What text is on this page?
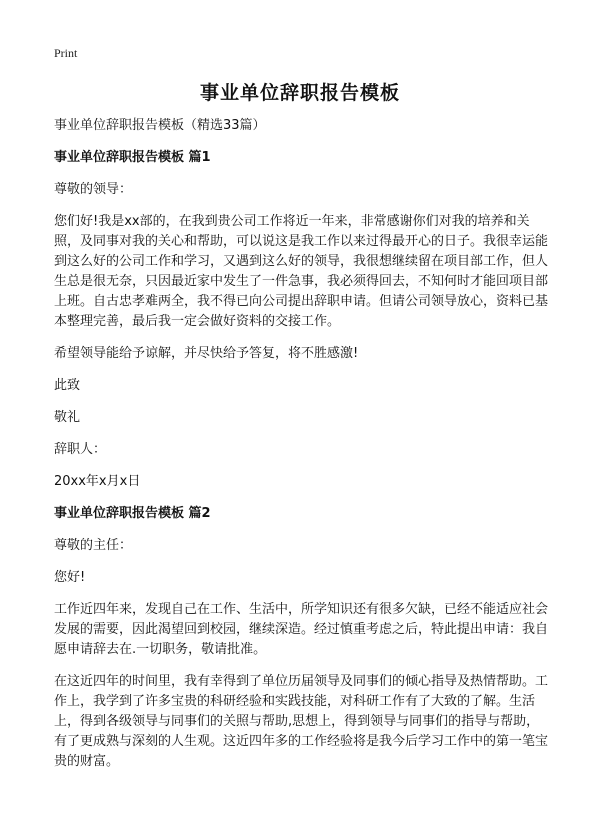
Print
事业单位辞职报告模板

事业单位辞职报告模板（精选33篇）

事业单位辞职报告模板 篇1

尊敬的领导：

您们好!我是xx部的，在我到贵公司工作将近一年来，非常感谢你们对我的培养和关照，及同事对我的关心和帮助，可以说这是我工作以来过得最开心的日子。我很幸运能到这么好的公司工作和学习，又遇到这么好的领导，我很想继续留在项目部工作，但人生总是很无奈，只因最近家中发生了一件急事，我必须得回去，不知何时才能回项目部上班。自古忠孝难两全，我不得已向公司提出辞职申请。但请公司领导放心，资料已基本整理完善，最后我一定会做好资料的交接工作。

希望领导能给予谅解，并尽快给予答复，将不胜感激!

此致

敬礼

辞职人：

20xx年x月x日

事业单位辞职报告模板 篇2

尊敬的主任：

您好!

工作近四年来，发现自己在工作、生活中，所学知识还有很多欠缺，已经不能适应社会发展的需要，因此渴望回到校园，继续深造。经过慎重考虑之后，特此提出申请：我自愿申请辞去在.一切职务，敬请批准。

在这近四年的时间里，我有幸得到了单位历届领导及同事们的倾心指导及热情帮助。工作上，我学到了许多宝贵的科研经验和实践技能，对科研工作有了大致的了解。生活上，得到各级领导与同事们的关照与帮助,思想上，得到领导与同事们的指导与帮助，有了更成熟与深刻的人生观。这近四年多的工作经验将是我今后学习工作中的第一笔宝贵的财富。
